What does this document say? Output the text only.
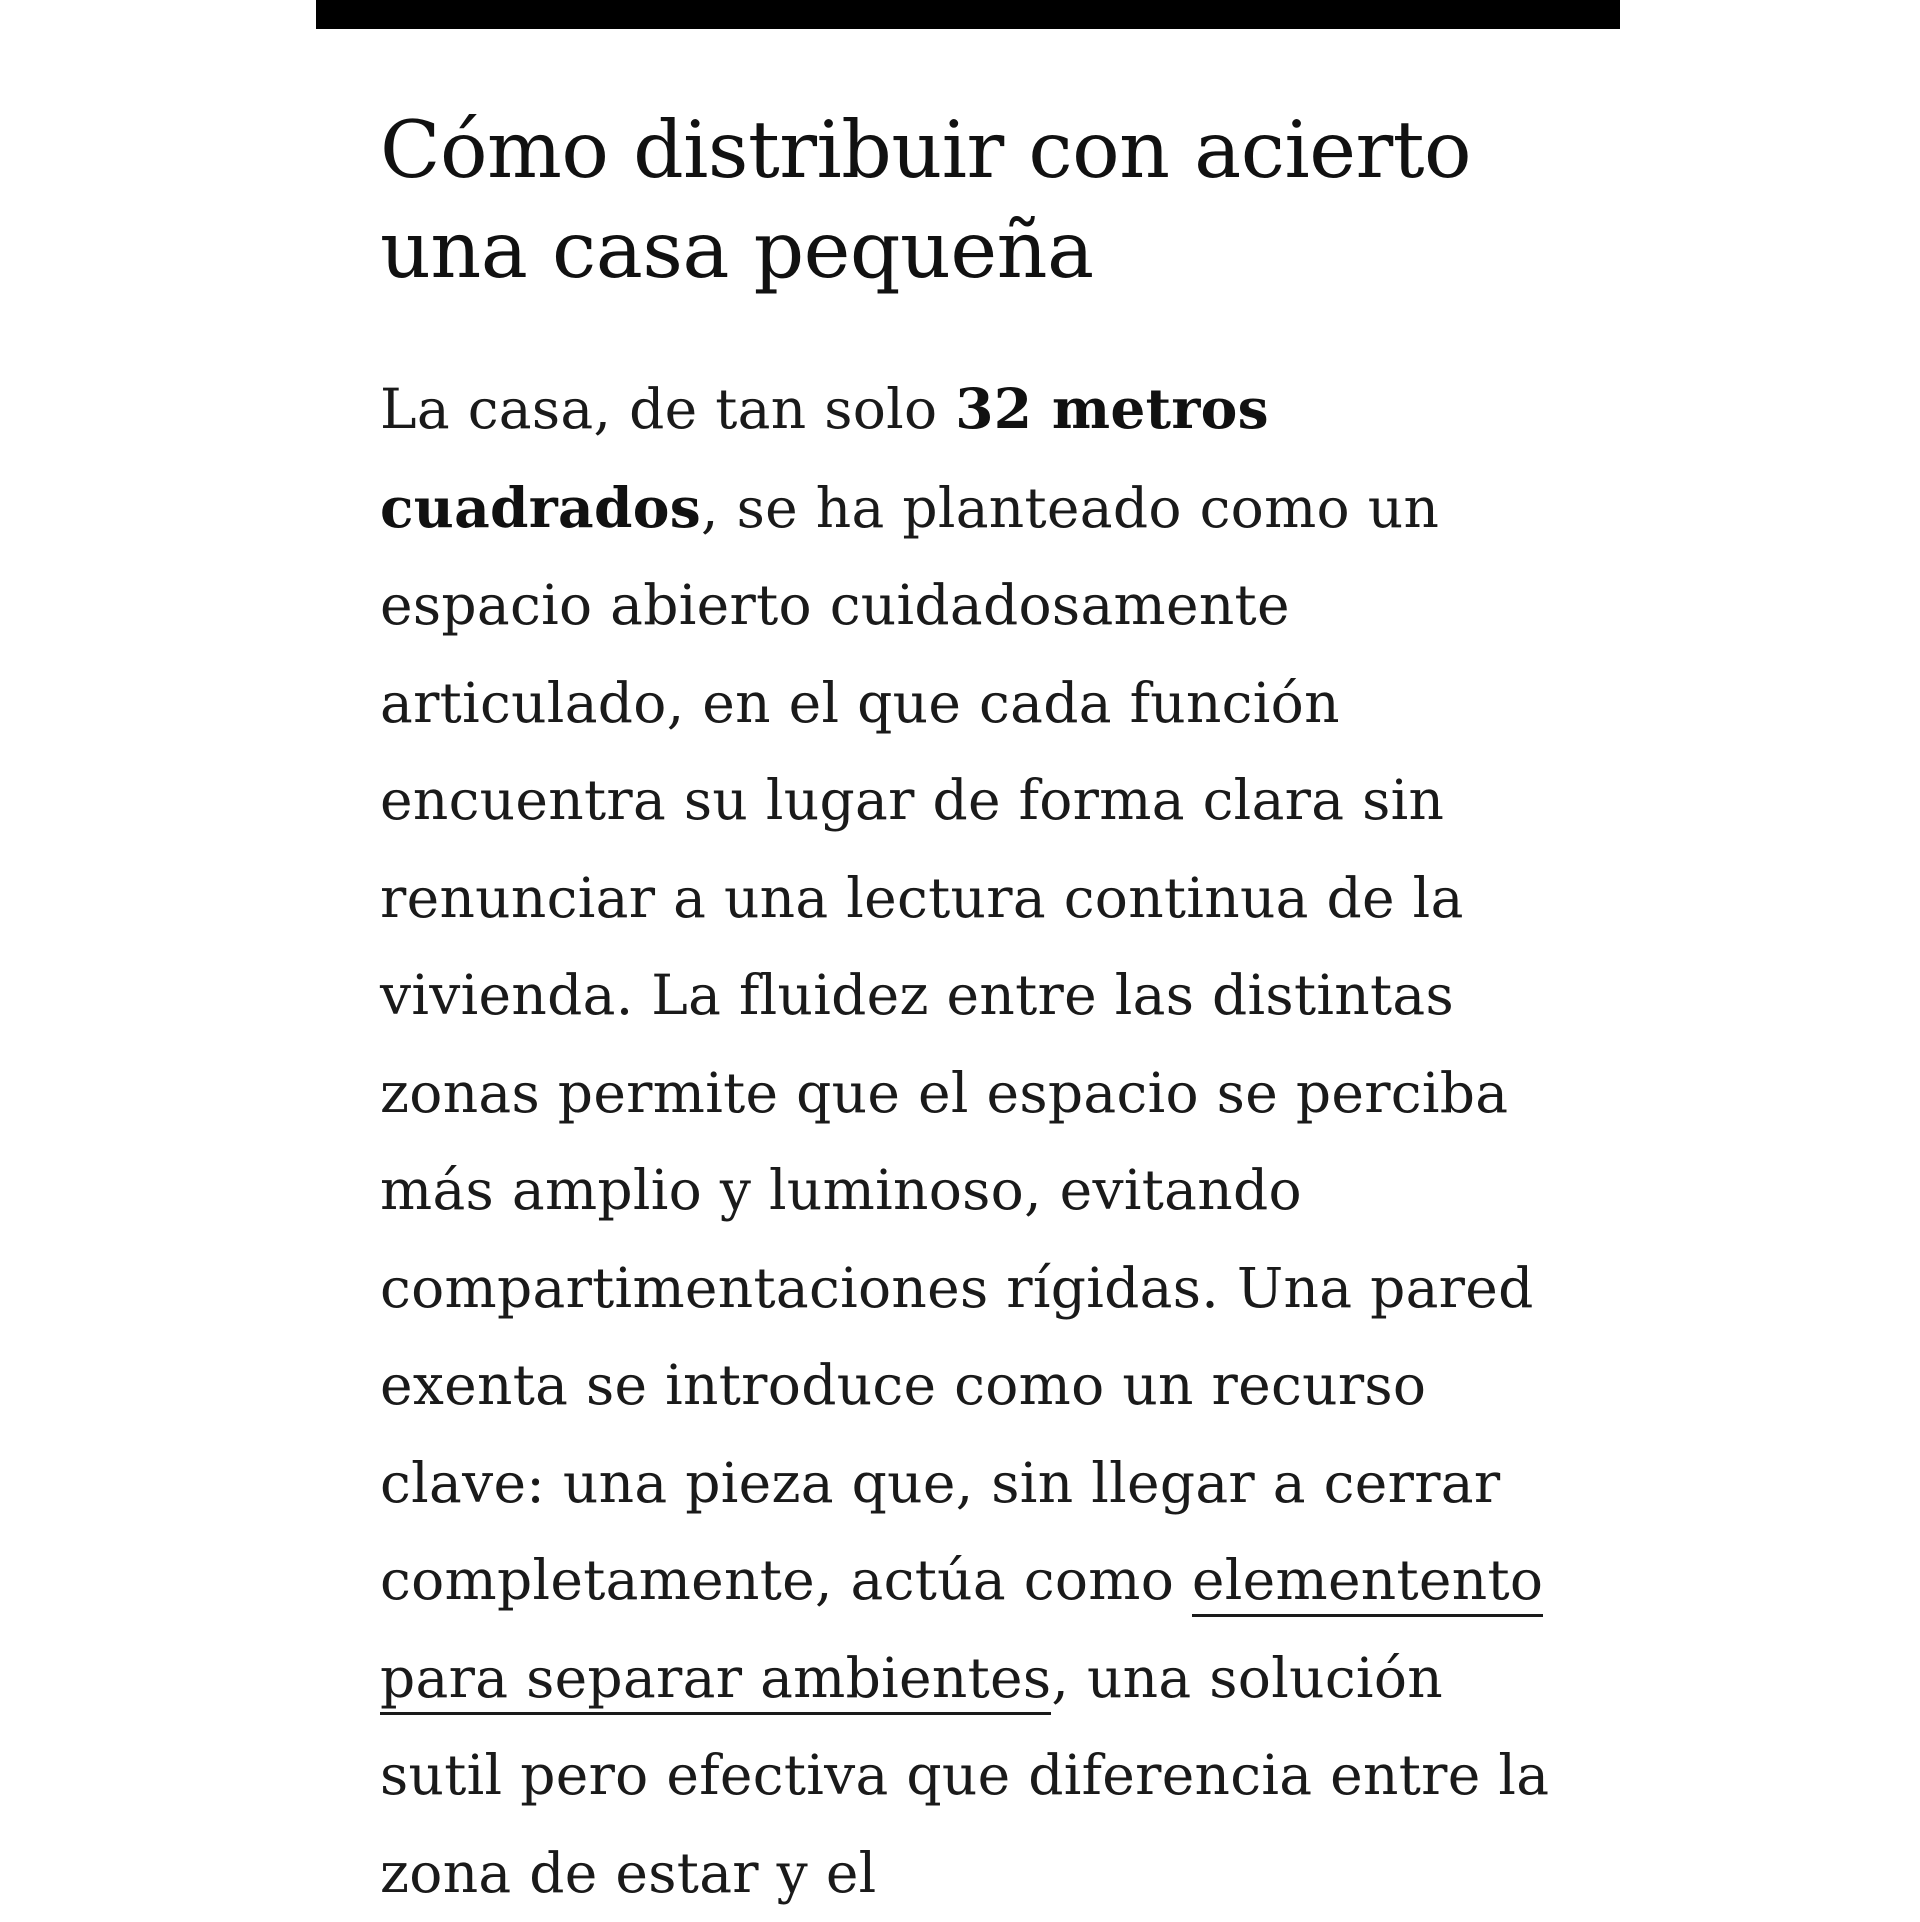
Cómo distribuir con acierto una casa pequeña

La casa, de tan solo 32 metros cuadrados, se ha planteado como un espacio abierto cuidadosamente articulado, en el que cada función encuentra su lugar de forma clara sin renunciar a una lectura continua de la vivienda. La fluidez entre las distintas zonas permite que el espacio se perciba más amplio y luminoso, evitando compartimentaciones rígidas. Una pared exenta se introduce como un recurso clave: una pieza que, sin llegar a cerrar completamente, actúa como elementento para separar ambientes, una solución sutil pero efectiva que diferencia entre la zona de estar y el
